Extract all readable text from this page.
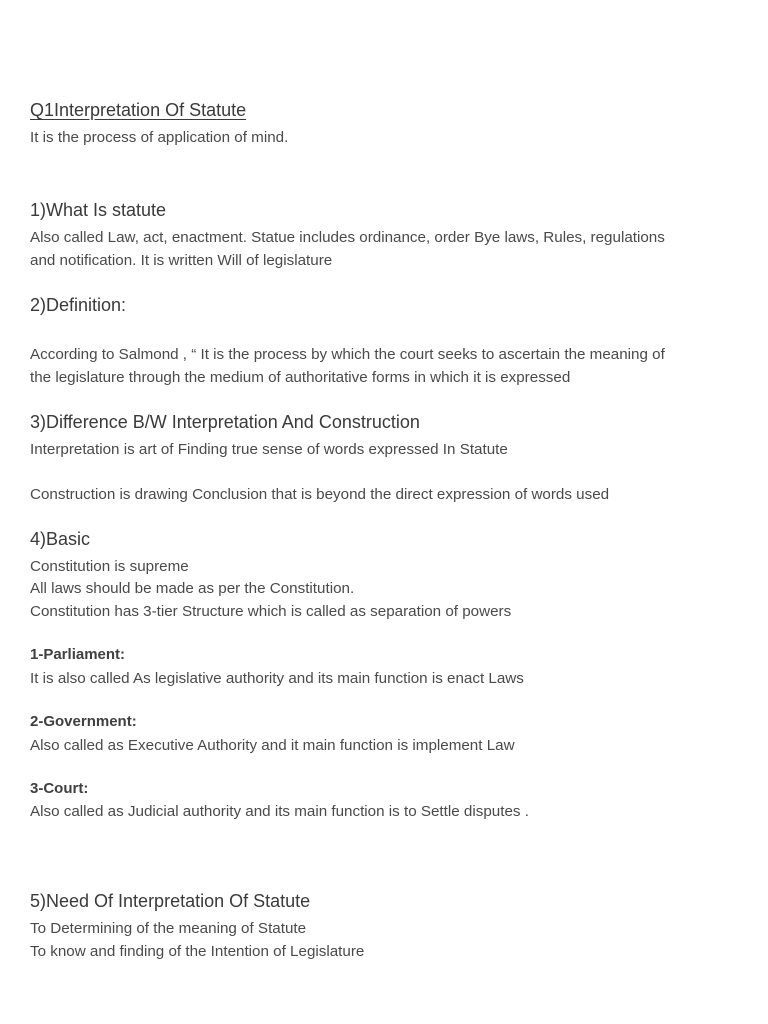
Q1Interpretation Of Statute

It is the process of application of mind.

1)What Is statute

Also called Law, act, enactment. Statue includes ordinance, order Bye laws, Rules, regulations

and notification. It is written Will of legislature

2)Definition:

According to Salmond , “ It is the process by which the court seeks to ascertain the meaning of

the legislature through the medium of authoritative forms in which it is expressed

3)Difference B/W Interpretation And Construction

Interpretation is art of Finding true sense of words expressed In Statute

Construction is drawing Conclusion that is beyond the direct expression of words used

4)Basic

Constitution is supreme

All laws should be made as per the Constitution.

Constitution has 3-tier Structure which is called as separation of powers

1-Parliament:

It is also called As legislative authority and its main function is enact Laws

2-Government:

Also called as Executive Authority and it main function is implement Law

3-Court:

Also called as Judicial authority and its main function is to Settle disputes .

5)Need Of Interpretation Of Statute

To Determining of the meaning of Statute

To know and finding of the Intention of Legislature
